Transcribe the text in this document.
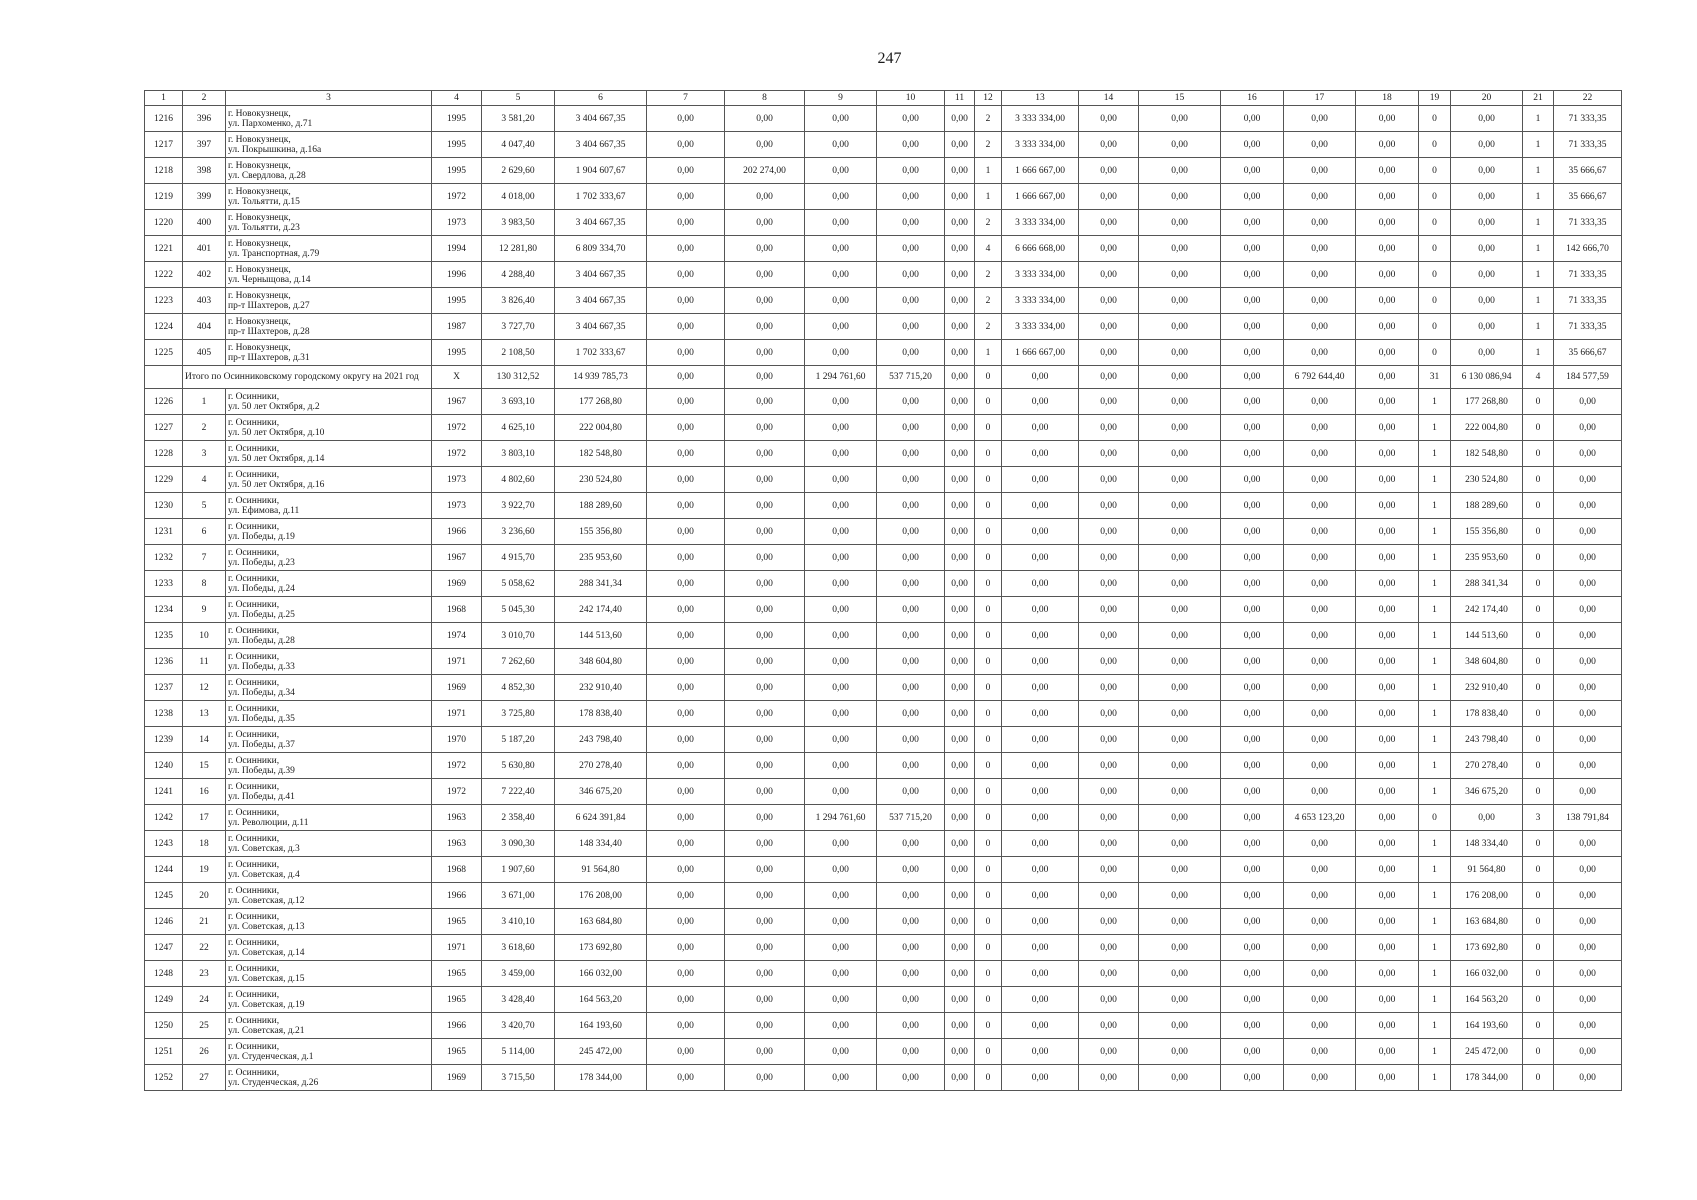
247
1	2	3	4	5	6	7	8	9	10	11	12	13	14	15	16	17	18	19	20	21	22
1216	396	г. Новокузнецк,
ул. Пархоменко, д.71	1995	3 581,20	3 404 667,35	0,00	0,00	0,00	0,00	0,00	2	3 333 334,00	0,00	0,00	0,00	0,00	0,00	0	0,00	1	71 333,35
1217	397	г. Новокузнецк,
ул. Покрышкина, д.16а	1995	4 047,40	3 404 667,35	0,00	0,00	0,00	0,00	0,00	2	3 333 334,00	0,00	0,00	0,00	0,00	0,00	0	0,00	1	71 333,35
1218	398	г. Новокузнецк,
ул. Свердлова, д.28	1995	2 629,60	1 904 607,67	0,00	202 274,00	0,00	0,00	0,00	1	1 666 667,00	0,00	0,00	0,00	0,00	0,00	0	0,00	1	35 666,67
1219	399	г. Новокузнецк,
ул. Тольятти, д.15	1972	4 018,00	1 702 333,67	0,00	0,00	0,00	0,00	0,00	1	1 666 667,00	0,00	0,00	0,00	0,00	0,00	0	0,00	1	35 666,67
1220	400	г. Новокузнецк,
ул. Тольятти, д.23	1973	3 983,50	3 404 667,35	0,00	0,00	0,00	0,00	0,00	2	3 333 334,00	0,00	0,00	0,00	0,00	0,00	0	0,00	1	71 333,35
1221	401	г. Новокузнецк,
ул. Транспортная, д.79	1994	12 281,80	6 809 334,70	0,00	0,00	0,00	0,00	0,00	4	6 666 668,00	0,00	0,00	0,00	0,00	0,00	0	0,00	1	142 666,70
1222	402	г. Новокузнецк,
ул. Черныщова, д.14	1996	4 288,40	3 404 667,35	0,00	0,00	0,00	0,00	0,00	2	3 333 334,00	0,00	0,00	0,00	0,00	0,00	0	0,00	1	71 333,35
1223	403	г. Новокузнецк,
пр-т Шахтеров, д.27	1995	3 826,40	3 404 667,35	0,00	0,00	0,00	0,00	0,00	2	3 333 334,00	0,00	0,00	0,00	0,00	0,00	0	0,00	1	71 333,35
1224	404	г. Новокузнецк,
пр-т Шахтеров, д.28	1987	3 727,70	3 404 667,35	0,00	0,00	0,00	0,00	0,00	2	3 333 334,00	0,00	0,00	0,00	0,00	0,00	0	0,00	1	71 333,35
1225	405	г. Новокузнецк,
пр-т Шахтеров, д.31	1995	2 108,50	1 702 333,67	0,00	0,00	0,00	0,00	0,00	1	1 666 667,00	0,00	0,00	0,00	0,00	0,00	0	0,00	1	35 666,67
	Итого по Осинниковскому городскому округу на 2021 год		X	130 312,52	14 939 785,73	0,00	0,00	1 294 761,60	537 715,20	0,00	0	0,00	0,00	0,00	0,00	6 792 644,40	0,00	31	6 130 086,94	4	184 577,59
1226	1	г. Осинники,
ул. 50 лет Октября, д.2	1967	3 693,10	177 268,80	0,00	0,00	0,00	0,00	0,00	0	0,00	0,00	0,00	0,00	0,00	0,00	1	177 268,80	0	0,00
1227	2	г. Осинники,
ул. 50 лет Октября, д.10	1972	4 625,10	222 004,80	0,00	0,00	0,00	0,00	0,00	0	0,00	0,00	0,00	0,00	0,00	0,00	1	222 004,80	0	0,00
1228	3	г. Осинники,
ул. 50 лет Октября, д.14	1972	3 803,10	182 548,80	0,00	0,00	0,00	0,00	0,00	0	0,00	0,00	0,00	0,00	0,00	0,00	1	182 548,80	0	0,00
1229	4	г. Осинники,
ул. 50 лет Октября, д.16	1973	4 802,60	230 524,80	0,00	0,00	0,00	0,00	0,00	0	0,00	0,00	0,00	0,00	0,00	0,00	1	230 524,80	0	0,00
1230	5	г. Осинники,
ул. Ефимова, д.11	1973	3 922,70	188 289,60	0,00	0,00	0,00	0,00	0,00	0	0,00	0,00	0,00	0,00	0,00	0,00	1	188 289,60	0	0,00
1231	6	г. Осинники,
ул. Победы, д.19	1966	3 236,60	155 356,80	0,00	0,00	0,00	0,00	0,00	0	0,00	0,00	0,00	0,00	0,00	0,00	1	155 356,80	0	0,00
1232	7	г. Осинники,
ул. Победы, д.23	1967	4 915,70	235 953,60	0,00	0,00	0,00	0,00	0,00	0	0,00	0,00	0,00	0,00	0,00	0,00	1	235 953,60	0	0,00
1233	8	г. Осинники,
ул. Победы, д.24	1969	5 058,62	288 341,34	0,00	0,00	0,00	0,00	0,00	0	0,00	0,00	0,00	0,00	0,00	0,00	1	288 341,34	0	0,00
1234	9	г. Осинники,
ул. Победы, д.25	1968	5 045,30	242 174,40	0,00	0,00	0,00	0,00	0,00	0	0,00	0,00	0,00	0,00	0,00	0,00	1	242 174,40	0	0,00
1235	10	г. Осинники,
ул. Победы, д.28	1974	3 010,70	144 513,60	0,00	0,00	0,00	0,00	0,00	0	0,00	0,00	0,00	0,00	0,00	0,00	1	144 513,60	0	0,00
1236	11	г. Осинники,
ул. Победы, д.33	1971	7 262,60	348 604,80	0,00	0,00	0,00	0,00	0,00	0	0,00	0,00	0,00	0,00	0,00	0,00	1	348 604,80	0	0,00
1237	12	г. Осинники,
ул. Победы, д.34	1969	4 852,30	232 910,40	0,00	0,00	0,00	0,00	0,00	0	0,00	0,00	0,00	0,00	0,00	0,00	1	232 910,40	0	0,00
1238	13	г. Осинники,
ул. Победы, д.35	1971	3 725,80	178 838,40	0,00	0,00	0,00	0,00	0,00	0	0,00	0,00	0,00	0,00	0,00	0,00	1	178 838,40	0	0,00
1239	14	г. Осинники,
ул. Победы, д.37	1970	5 187,20	243 798,40	0,00	0,00	0,00	0,00	0,00	0	0,00	0,00	0,00	0,00	0,00	0,00	1	243 798,40	0	0,00
1240	15	г. Осинники,
ул. Победы, д.39	1972	5 630,80	270 278,40	0,00	0,00	0,00	0,00	0,00	0	0,00	0,00	0,00	0,00	0,00	0,00	1	270 278,40	0	0,00
1241	16	г. Осинники,
ул. Победы, д.41	1972	7 222,40	346 675,20	0,00	0,00	0,00	0,00	0,00	0	0,00	0,00	0,00	0,00	0,00	0,00	1	346 675,20	0	0,00
1242	17	г. Осинники,
ул. Революции, д.11	1963	2 358,40	6 624 391,84	0,00	0,00	1 294 761,60	537 715,20	0,00	0	0,00	0,00	0,00	0,00	4 653 123,20	0,00	0	0,00	3	138 791,84
1243	18	г. Осинники,
ул. Советская, д.3	1963	3 090,30	148 334,40	0,00	0,00	0,00	0,00	0,00	0	0,00	0,00	0,00	0,00	0,00	0,00	1	148 334,40	0	0,00
1244	19	г. Осинники,
ул. Советская, д.4	1968	1 907,60	91 564,80	0,00	0,00	0,00	0,00	0,00	0	0,00	0,00	0,00	0,00	0,00	0,00	1	91 564,80	0	0,00
1245	20	г. Осинники,
ул. Советская, д.12	1966	3 671,00	176 208,00	0,00	0,00	0,00	0,00	0,00	0	0,00	0,00	0,00	0,00	0,00	0,00	1	176 208,00	0	0,00
1246	21	г. Осинники,
ул. Советская, д.13	1965	3 410,10	163 684,80	0,00	0,00	0,00	0,00	0,00	0	0,00	0,00	0,00	0,00	0,00	0,00	1	163 684,80	0	0,00
1247	22	г. Осинники,
ул. Советская, д.14	1971	3 618,60	173 692,80	0,00	0,00	0,00	0,00	0,00	0	0,00	0,00	0,00	0,00	0,00	0,00	1	173 692,80	0	0,00
1248	23	г. Осинники,
ул. Советская, д.15	1965	3 459,00	166 032,00	0,00	0,00	0,00	0,00	0,00	0	0,00	0,00	0,00	0,00	0,00	0,00	1	166 032,00	0	0,00
1249	24	г. Осинники,
ул. Советская, д.19	1965	3 428,40	164 563,20	0,00	0,00	0,00	0,00	0,00	0	0,00	0,00	0,00	0,00	0,00	0,00	1	164 563,20	0	0,00
1250	25	г. Осинники,
ул. Советская, д.21	1966	3 420,70	164 193,60	0,00	0,00	0,00	0,00	0,00	0	0,00	0,00	0,00	0,00	0,00	0,00	1	164 193,60	0	0,00
1251	26	г. Осинники,
ул. Студенческая, д.1	1965	5 114,00	245 472,00	0,00	0,00	0,00	0,00	0,00	0	0,00	0,00	0,00	0,00	0,00	0,00	1	245 472,00	0	0,00
1252	27	г. Осинники,
ул. Студенческая, д.26	1969	3 715,50	178 344,00	0,00	0,00	0,00	0,00	0,00	0	0,00	0,00	0,00	0,00	0,00	0,00	1	178 344,00	0	0,00
